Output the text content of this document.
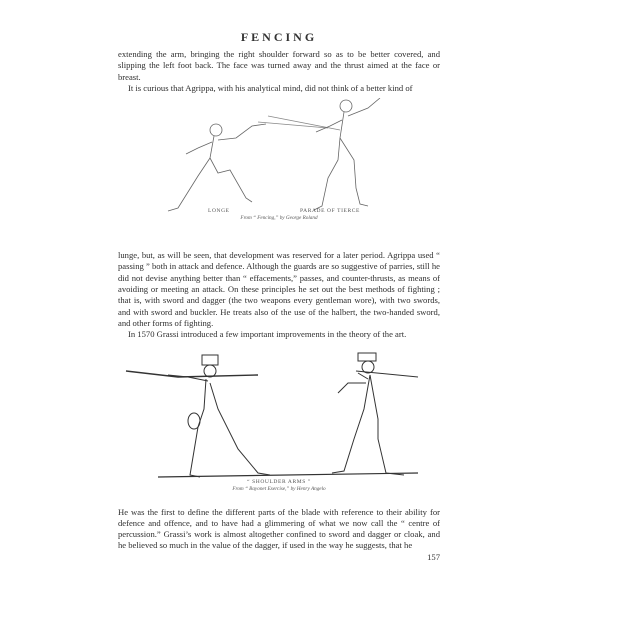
FENCING

extending the arm, bringing the right shoulder forward so as to be better covered, and slipping the left foot back. The face was turned away and the thrust aimed at the face or breast.

It is curious that Agrippa, with his analytical mind, did not think of a better kind of

LONGE	PARADE OF TIERCE
From “ Fencing,” by George Roland

lunge, but, as will be seen, that development was reserved for a later period. Agrippa used “ passing ” both in attack and defence. Although the guards are so suggestive of parries, still he did not devise anything better than “ effacements,” passes, and counter-thrusts, as means of avoiding or meeting an attack. On these principles he set out the best methods of fighting ; that is, with sword and dagger (the two weapons every gentleman wore), with two swords, and with sword and buckler. He treats also of the use of the halbert, the two-handed sword, and other forms of fighting.

In 1570 Grassi introduced a few important improvements in the theory of the art.

“ SHOULDER ARMS ”
From “ Bayonet Exercise,” by Henry Angelo

He was the first to define the different parts of the blade with reference to their ability for defence and offence, and to have had a glimmering of what we now call the “ centre of percussion.” Grassi’s work is almost altogether confined to sword and dagger or cloak, and he believed so much in the value of the dagger, if used in the way he suggests, that he

157
